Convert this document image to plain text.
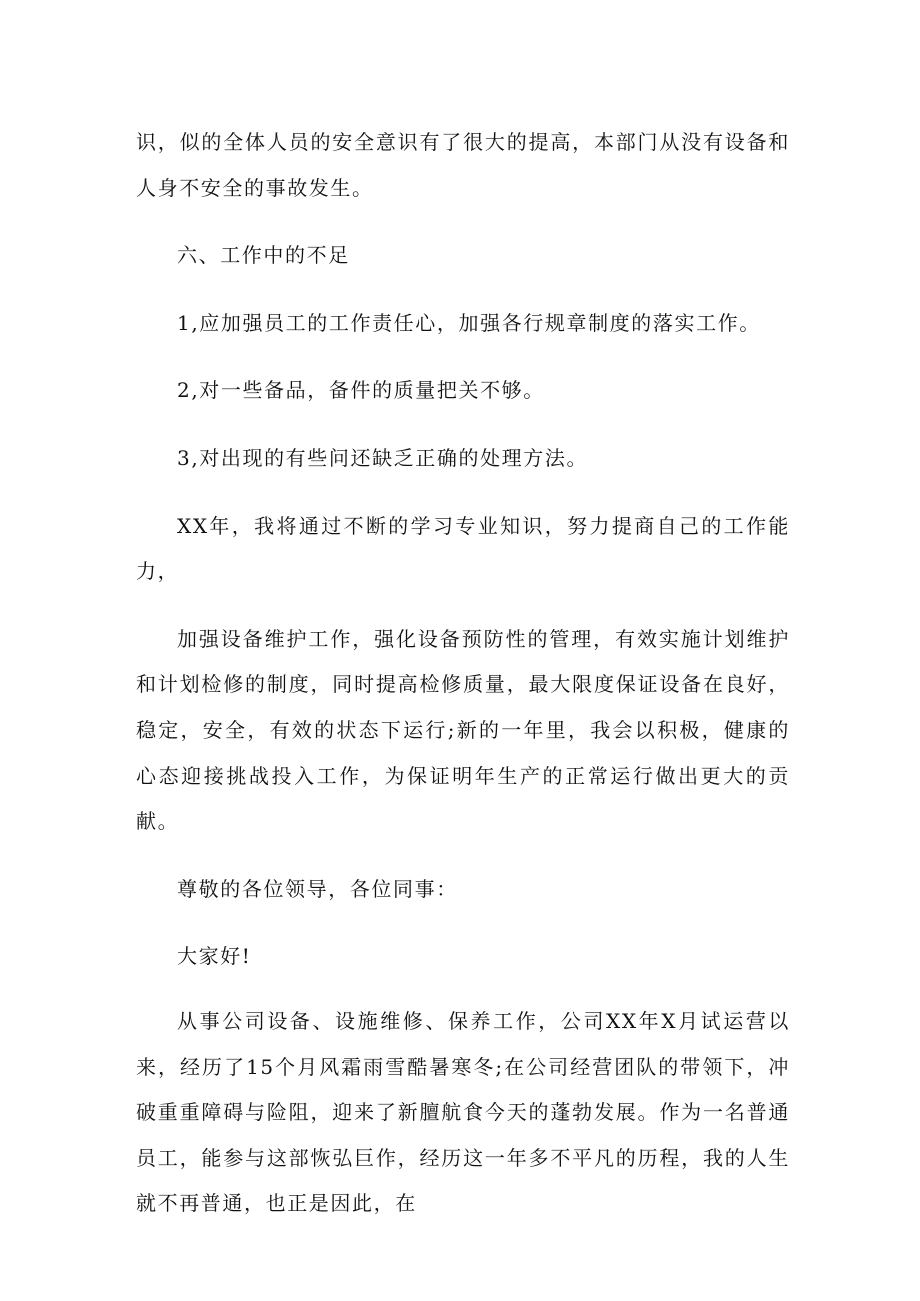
识，似的全体人员的安全意识有了很大的提高，本部门从没有设备和人身不安全的事故发生。

六、工作中的不足

1,应加强员工的工作责任心，加强各行规章制度的落实工作。

2,对一些备品，备件的质量把关不够。

3,对出现的有些问还缺乏正确的处理方法。

XX年，我将通过不断的学习专业知识，努力提商自己的工作能力，

加强设备维护工作，强化设备预防性的管理，有效实施计划维护和计划检修的制度，同时提高检修质量，最大限度保证设备在良好，稳定，安全，有效的状态下运行;新的一年里，我会以积极，健康的心态迎接挑战投入工作，为保证明年生产的正常运行做出更大的贡献。

尊敬的各位领导，各位同事：

大家好!

从事公司设备、设施维修、保养工作，公司XX年X月试运营以来，经历了15个月风霜雨雪酷暑寒冬;在公司经营团队的带领下，冲破重重障碍与险阻，迎来了新膻航食今天的蓬勃发展。作为一名普通员工，能参与这部恢弘巨作，经历这一年多不平凡的历程，我的人生就不再普通，也正是因此，在
